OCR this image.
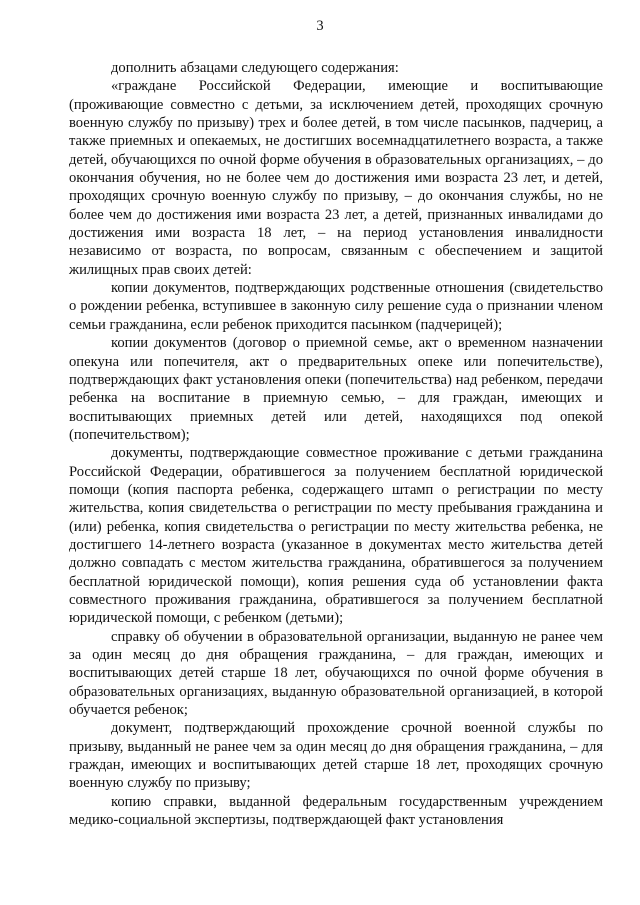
3

дополнить абзацами следующего содержания:

«граждане Российской Федерации, имеющие и воспитывающие (проживающие совместно с детьми, за исключением детей, проходящих срочную военную службу по призыву) трех и более детей, в том числе пасынков, падчериц, а также приемных и опекаемых, не достигших восемнадцатилетнего возраста, а также детей, обучающихся по очной форме обучения в образовательных организациях, – до окончания обучения, но не более чем до достижения ими возраста 23 лет, и детей, проходящих срочную военную службу по призыву, – до окончания службы, но не более чем до достижения ими возраста 23 лет, а детей, признанных инвалидами до достижения ими возраста 18 лет, – на период установления инвалидности независимо от возраста, по вопросам, связанным с обеспечением и защитой жилищных прав своих детей:

копии документов, подтверждающих родственные отношения (свидетельство о рождении ребенка, вступившее в законную силу решение суда о признании членом семьи гражданина, если ребенок приходится пасынком (падчерицей);

копии документов (договор о приемной семье, акт о временном назначении опекуна или попечителя, акт о предварительных опеке или попечительстве), подтверждающих факт установления опеки (попечительства) над ребенком, передачи ребенка на воспитание в приемную семью, – для граждан, имеющих и воспитывающих приемных детей или детей, находящихся под опекой (попечительством);

документы, подтверждающие совместное проживание с детьми гражданина Российской Федерации, обратившегося за получением бесплатной юридической помощи (копия паспорта ребенка, содержащего штамп о регистрации по месту жительства, копия свидетельства о регистрации по месту пребывания гражданина и (или) ребенка, копия свидетельства о регистрации по месту жительства ребенка, не достигшего 14-летнего возраста (указанное в документах место жительства детей должно совпадать с местом жительства гражданина, обратившегося за получением бесплатной юридической помощи), копия решения суда об установлении факта совместного проживания гражданина, обратившегося за получением бесплатной юридической помощи, с ребенком (детьми);

справку об обучении в образовательной организации, выданную не ранее чем за один месяц до дня обращения гражданина, – для граждан, имеющих и воспитывающих детей старше 18 лет, обучающихся по очной форме обучения в образовательных организациях, выданную образовательной организацией, в которой обучается ребенок;

документ, подтверждающий прохождение срочной военной службы по призыву, выданный не ранее чем за один месяц до дня обращения гражданина, – для граждан, имеющих и воспитывающих детей старше 18 лет, проходящих срочную военную службу по призыву;

копию справки, выданной федеральным государственным учреждением медико-социальной экспертизы, подтверждающей факт установления
